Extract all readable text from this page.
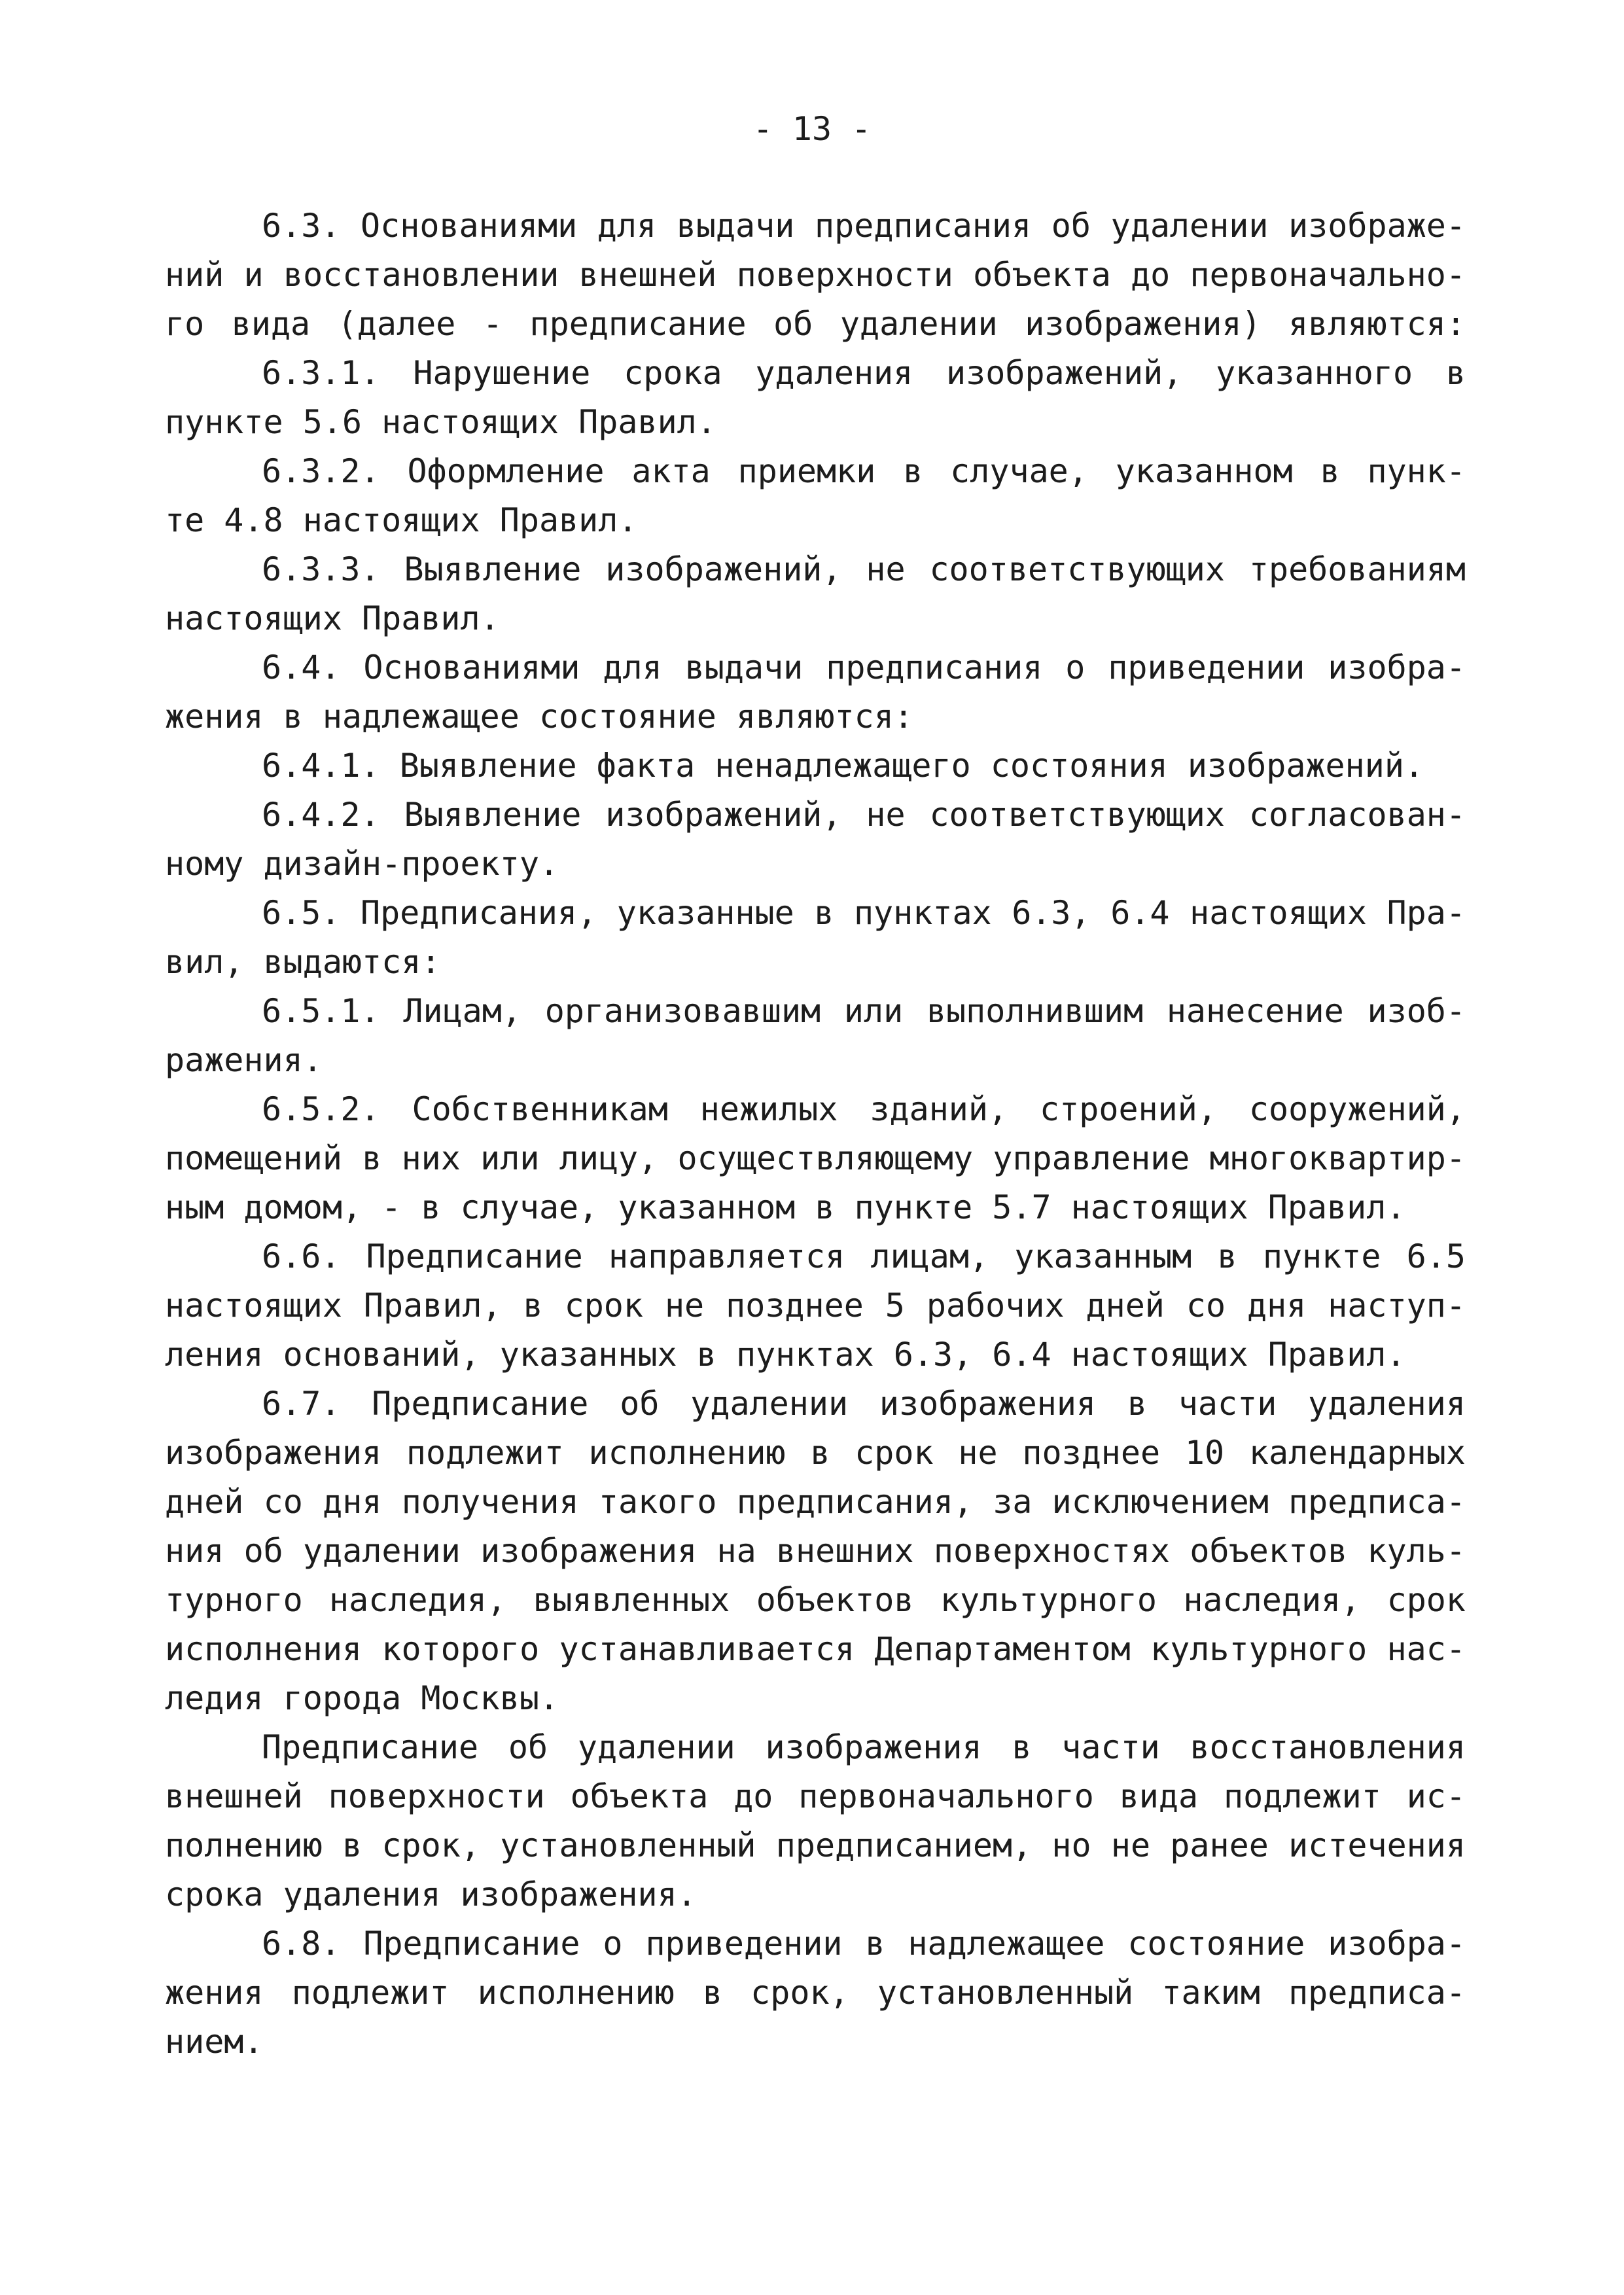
- 13 -
6.3. Основаниями для выдачи предписания об удалении изображе-
ний и восстановлении внешней поверхности объекта до первоначально-
го вида (далее - предписание об удалении изображения) являются:
6.3.1. Нарушение срока удаления изображений, указанного в
пункте 5.6 настоящих Правил.
6.3.2. Оформление акта приемки в случае, указанном в пунк-
те 4.8 настоящих Правил.
6.3.3. Выявление изображений, не соответствующих требованиям
настоящих Правил.
6.4. Основаниями для выдачи предписания о приведении изобра-
жения в надлежащее состояние являются:
6.4.1. Выявление факта ненадлежащего состояния изображений.
6.4.2. Выявление изображений, не соответствующих согласован-
ному дизайн-проекту.
6.5. Предписания, указанные в пунктах 6.3, 6.4 настоящих Пра-
вил, выдаются:
6.5.1. Лицам, организовавшим или выполнившим нанесение изоб-
ражения.
6.5.2. Собственникам нежилых зданий, строений, сооружений,
помещений в них или лицу, осуществляющему управление многоквартир-
ным домом, - в случае, указанном в пункте 5.7 настоящих Правил.
6.6. Предписание направляется лицам, указанным в пункте 6.5
настоящих Правил, в срок не позднее 5 рабочих дней со дня наступ-
ления оснований, указанных в пунктах 6.3, 6.4 настоящих Правил.
6.7. Предписание об удалении изображения в части удаления
изображения подлежит исполнению в срок не позднее 10 календарных
дней со дня получения такого предписания, за исключением предписа-
ния об удалении изображения на внешних поверхностях объектов куль-
турного наследия, выявленных объектов культурного наследия, срок
исполнения которого устанавливается Департаментом культурного нас-
ледия города Москвы.
Предписание об удалении изображения в части восстановления
внешней поверхности объекта до первоначального вида подлежит ис-
полнению в срок, установленный предписанием, но не ранее истечения
срока удаления изображения.
6.8. Предписание о приведении в надлежащее состояние изобра-
жения подлежит исполнению в срок, установленный таким предписа-
нием.
